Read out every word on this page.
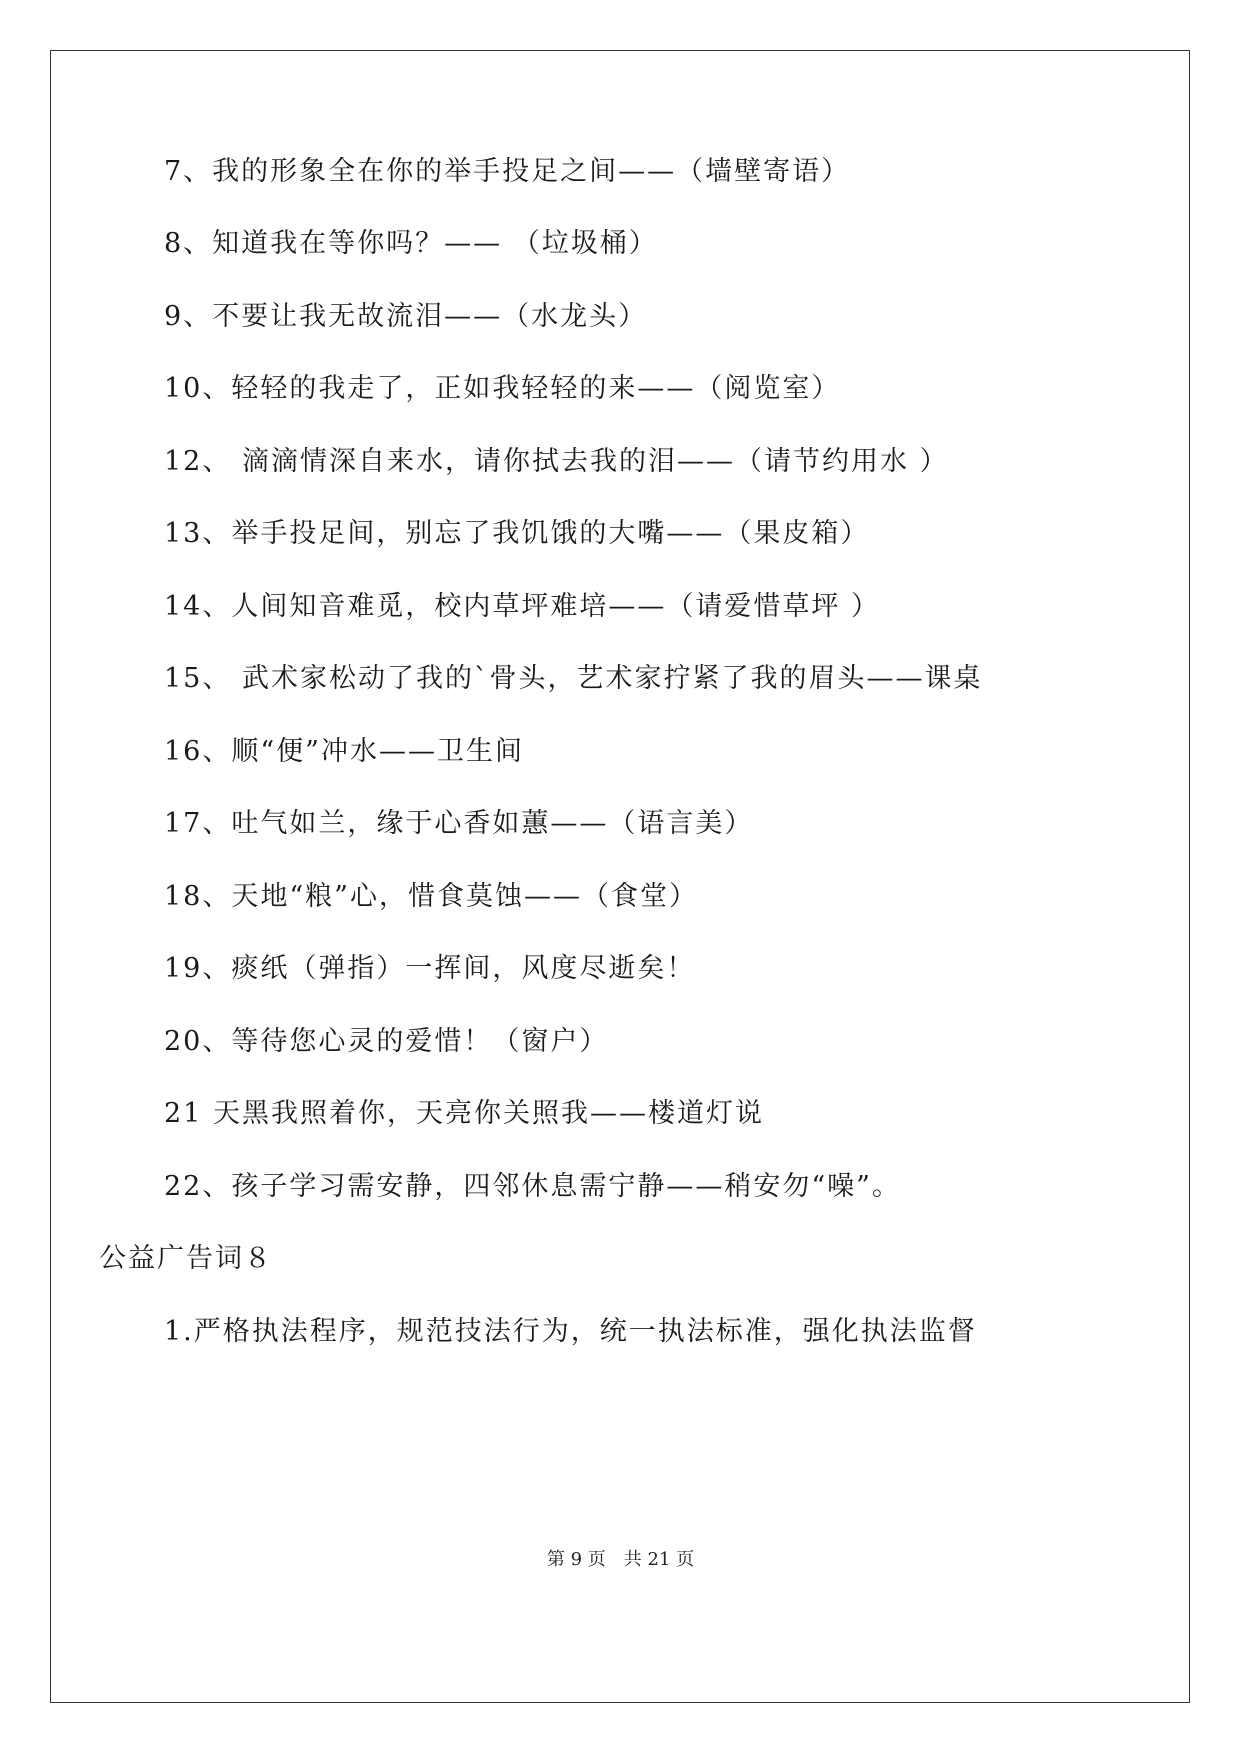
7、我的形象全在你的举手投足之间——（墙壁寄语）
8、知道我在等你吗？—— （垃圾桶）
9、不要让我无故流泪——（水龙头）
10、轻轻的我走了，正如我轻轻的来——（阅览室）
12、 滴滴情深自来水，请你拭去我的泪——（请节约用水 ）
13、举手投足间，别忘了我饥饿的大嘴——（果皮箱）
14、人间知音难觅，校内草坪难培——（请爱惜草坪 ）
15、 武术家松动了我的`骨头，艺术家拧紧了我的眉头——课桌
16、顺“便”冲水——卫生间
17、吐气如兰，缘于心香如蕙——（语言美）
18、天地“粮”心，惜食莫蚀——（食堂）
19、痰纸（弹指）一挥间，风度尽逝矣！
20、等待您心灵的爱惜！（窗户）
21 天黑我照着你，天亮你关照我——楼道灯说
22、孩子学习需安静，四邻休息需宁静——稍安勿“噪”。
公益广告词８
1.严格执法程序，规范技法行为，统一执法标准，强化执法监督
第 9 页　共 21 页
